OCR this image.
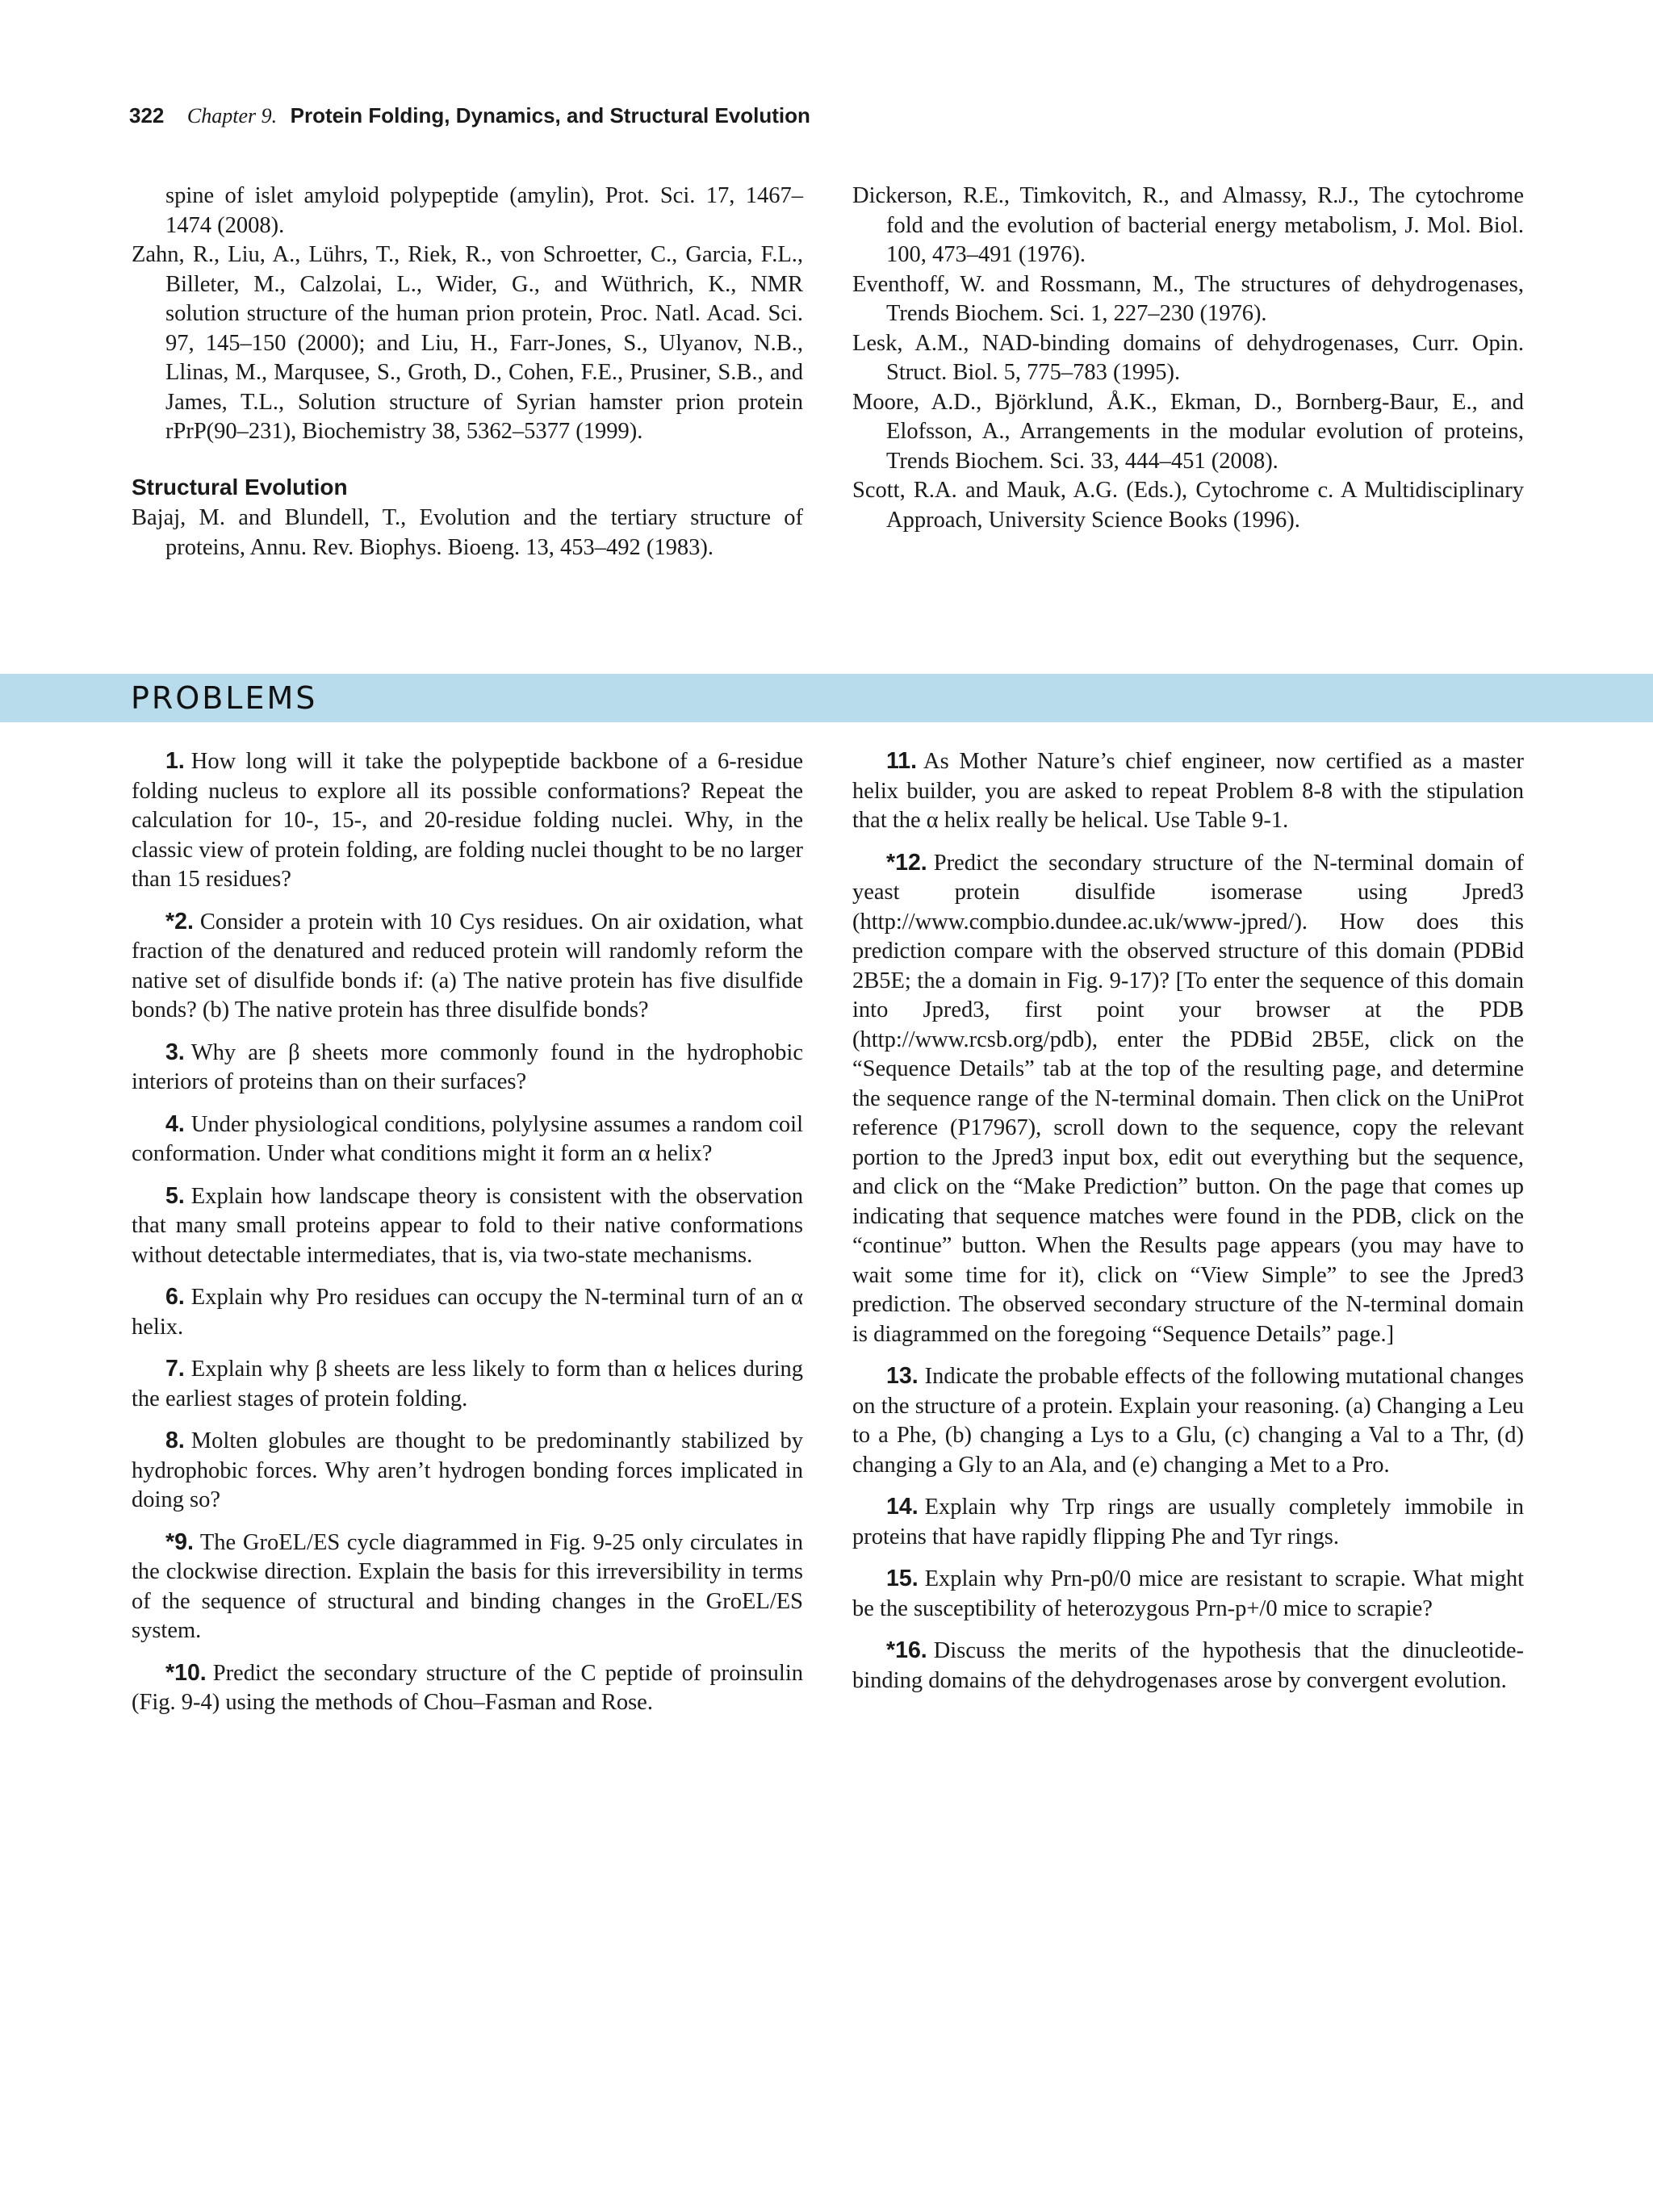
322 Chapter 9. Protein Folding, Dynamics, and Structural Evolution

spine of islet amyloid polypeptide (amylin), Prot. Sci. 17, 1467–1474 (2008).

Zahn, R., Liu, A., Lührs, T., Riek, R., von Schroetter, C., Garcia, F.L., Billeter, M., Calzolai, L., Wider, G., and Wüthrich, K., NMR solution structure of the human prion protein, Proc. Natl. Acad. Sci. 97, 145–150 (2000); and Liu, H., Farr-Jones, S., Ulyanov, N.B., Llinas, M., Marqusee, S., Groth, D., Cohen, F.E., Prusiner, S.B., and James, T.L., Solution structure of Syrian hamster prion protein rPrP(90–231), Biochemistry 38, 5362–5377 (1999).

Structural Evolution

Bajaj, M. and Blundell, T., Evolution and the tertiary structure of proteins, Annu. Rev. Biophys. Bioeng. 13, 453–492 (1983).

Dickerson, R.E., Timkovitch, R., and Almassy, R.J., The cytochrome fold and the evolution of bacterial energy metabolism, J. Mol. Biol. 100, 473–491 (1976).

Eventhoff, W. and Rossmann, M., The structures of dehydrogenases, Trends Biochem. Sci. 1, 227–230 (1976).

Lesk, A.M., NAD-binding domains of dehydrogenases, Curr. Opin. Struct. Biol. 5, 775–783 (1995).

Moore, A.D., Björklund, Å.K., Ekman, D., Bornberg-Baur, E., and Elofsson, A., Arrangements in the modular evolution of proteins, Trends Biochem. Sci. 33, 444–451 (2008).

Scott, R.A. and Mauk, A.G. (Eds.), Cytochrome c. A Multidisciplinary Approach, University Science Books (1996).

PROBLEMS

1. How long will it take the polypeptide backbone of a 6-residue folding nucleus to explore all its possible conformations? Repeat the calculation for 10-, 15-, and 20-residue folding nuclei. Why, in the classic view of protein folding, are folding nuclei thought to be no larger than 15 residues?

*2. Consider a protein with 10 Cys residues. On air oxidation, what fraction of the denatured and reduced protein will randomly reform the native set of disulfide bonds if: (a) The native protein has five disulfide bonds? (b) The native protein has three disulfide bonds?

3. Why are β sheets more commonly found in the hydrophobic interiors of proteins than on their surfaces?

4. Under physiological conditions, polylysine assumes a random coil conformation. Under what conditions might it form an α helix?

5. Explain how landscape theory is consistent with the observation that many small proteins appear to fold to their native conformations without detectable intermediates, that is, via two-state mechanisms.

6. Explain why Pro residues can occupy the N-terminal turn of an α helix.

7. Explain why β sheets are less likely to form than α helices during the earliest stages of protein folding.

8. Molten globules are thought to be predominantly stabilized by hydrophobic forces. Why aren’t hydrogen bonding forces implicated in doing so?

*9. The GroEL/ES cycle diagrammed in Fig. 9-25 only circulates in the clockwise direction. Explain the basis for this irreversibility in terms of the sequence of structural and binding changes in the GroEL/ES system.

*10. Predict the secondary structure of the C peptide of proinsulin (Fig. 9-4) using the methods of Chou–Fasman and Rose.

11. As Mother Nature’s chief engineer, now certified as a master helix builder, you are asked to repeat Problem 8-8 with the stipulation that the α helix really be helical. Use Table 9-1.

*12. Predict the secondary structure of the N-terminal domain of yeast protein disulfide isomerase using Jpred3 (http://www.compbio.dundee.ac.uk/www-jpred/). How does this prediction compare with the observed structure of this domain (PDBid 2B5E; the a domain in Fig. 9-17)? [To enter the sequence of this domain into Jpred3, first point your browser at the PDB (http://www.rcsb.org/pdb), enter the PDBid 2B5E, click on the “Sequence Details” tab at the top of the resulting page, and determine the sequence range of the N-terminal domain. Then click on the UniProt reference (P17967), scroll down to the sequence, copy the relevant portion to the Jpred3 input box, edit out everything but the sequence, and click on the “Make Prediction” button. On the page that comes up indicating that sequence matches were found in the PDB, click on the “continue” button. When the Results page appears (you may have to wait some time for it), click on “View Simple” to see the Jpred3 prediction. The observed secondary structure of the N-terminal domain is diagrammed on the foregoing “Sequence Details” page.]

13. Indicate the probable effects of the following mutational changes on the structure of a protein. Explain your reasoning. (a) Changing a Leu to a Phe, (b) changing a Lys to a Glu, (c) changing a Val to a Thr, (d) changing a Gly to an Ala, and (e) changing a Met to a Pro.

14. Explain why Trp rings are usually completely immobile in proteins that have rapidly flipping Phe and Tyr rings.

15. Explain why Prn-p0/0 mice are resistant to scrapie. What might be the susceptibility of heterozygous Prn-p+/0 mice to scrapie?

*16. Discuss the merits of the hypothesis that the dinucleotide-binding domains of the dehydrogenases arose by convergent evolution.
